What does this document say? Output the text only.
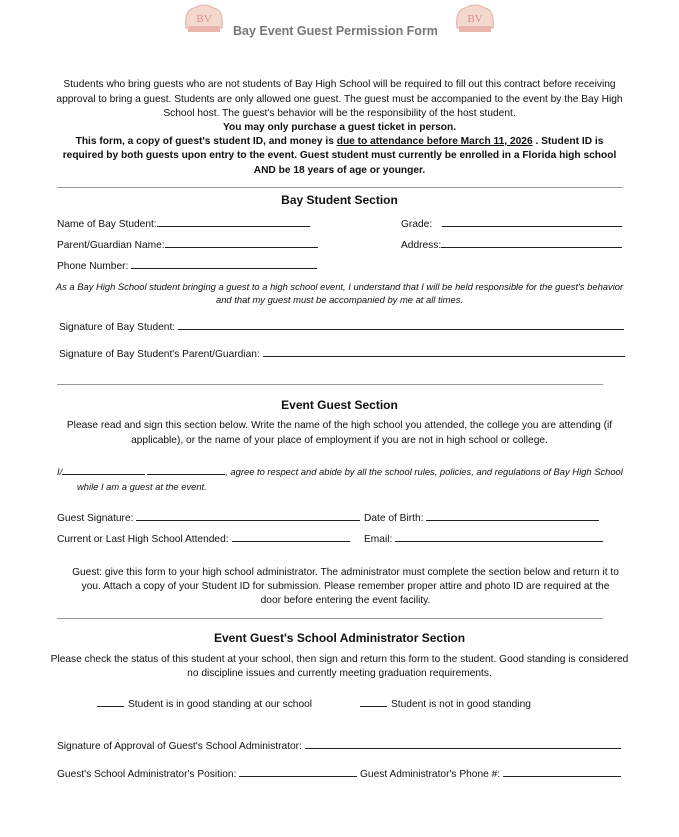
BV
Bay Event Guest Permission Form
BV
Students who bring guests who are not students of Bay High School will be required to fill out this contract before receiving
approval to bring a guest. Students are only allowed one guest. The guest must be accompanied to the event by the Bay High
School host. The guest's behavior will be the responsibility of the host student.
You may only purchase a guest ticket in person.
This form, a copy of guest's student ID, and money is due to attendance before March 11, 2026 . Student ID is
required by both guests upon entry to the event. Guest student must currently be enrolled in a Florida high school
AND be 18 years of age or younger.
Bay Student Section
Name of Bay Student:	Grade:
Parent/Guardian Name:	Address:
Phone Number:
As a Bay High School student bringing a guest to a high school event, I understand that I will be held responsible for the guest's behavior
and that my guest must be accompanied by me at all times.
Signature of Bay Student:
Signature of Bay Student's Parent/Guardian:
Event Guest Section
Please read and sign this section below. Write the name of the high school you attended, the college you are attending (if
applicable), or the name of your place of employment if you are not in high school or college.
I/	, agree to respect and abide by all the school rules, policies, and regulations of Bay High School
while I am a guest at the event.
Guest Signature:	Date of Birth:
Current or Last High School Attended:	Email:
Guest: give this form to your high school administrator. The administrator must complete the section below and return it to
you. Attach a copy of your Student ID for submission. Please remember proper attire and photo ID are required at the
door before entering the event facility.
Event Guest's School Administrator Section
Please check the status of this student at your school, then sign and return this form to the student. Good standing is considered
no discipline issues and currently meeting graduation requirements.
Student is in good standing at our school	Student is not in good standing
Signature of Approval of Guest's School Administrator:
Guest's School Administrator's Position:	Guest Administrator's Phone #:
